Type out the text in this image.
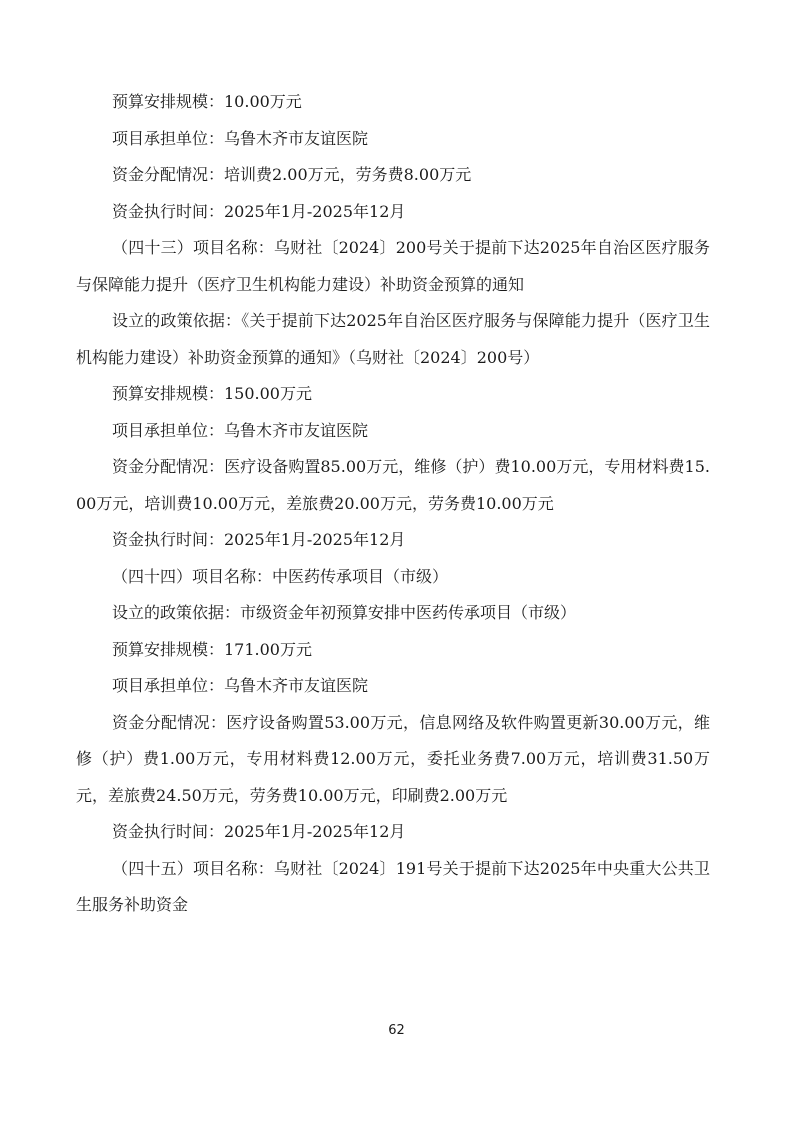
预算安排规模：10.00万元

项目承担单位：乌鲁木齐市友谊医院

资金分配情况：培训费2.00万元，劳务费8.00万元

资金执行时间：2025年1月-2025年12月

（四十三）项目名称：乌财社〔2024〕200号关于提前下达2025年自治区医疗服务与保障能力提升（医疗卫生机构能力建设）补助资金预算的通知

设立的政策依据：《关于提前下达2025年自治区医疗服务与保障能力提升（医疗卫生机构能力建设）补助资金预算的通知》（乌财社〔2024〕200号）

预算安排规模：150.00万元

项目承担单位：乌鲁木齐市友谊医院

资金分配情况：医疗设备购置85.00万元，维修（护）费10.00万元，专用材料费15.00万元，培训费10.00万元，差旅费20.00万元，劳务费10.00万元

资金执行时间：2025年1月-2025年12月

（四十四）项目名称：中医药传承项目（市级）

设立的政策依据：市级资金年初预算安排中医药传承项目（市级）

预算安排规模：171.00万元

项目承担单位：乌鲁木齐市友谊医院

资金分配情况：医疗设备购置53.00万元，信息网络及软件购置更新30.00万元，维修（护）费1.00万元，专用材料费12.00万元，委托业务费7.00万元，培训费31.50万元，差旅费24.50万元，劳务费10.00万元，印刷费2.00万元

资金执行时间：2025年1月-2025年12月

（四十五）项目名称：乌财社〔2024〕191号关于提前下达2025年中央重大公共卫生服务补助资金

62
